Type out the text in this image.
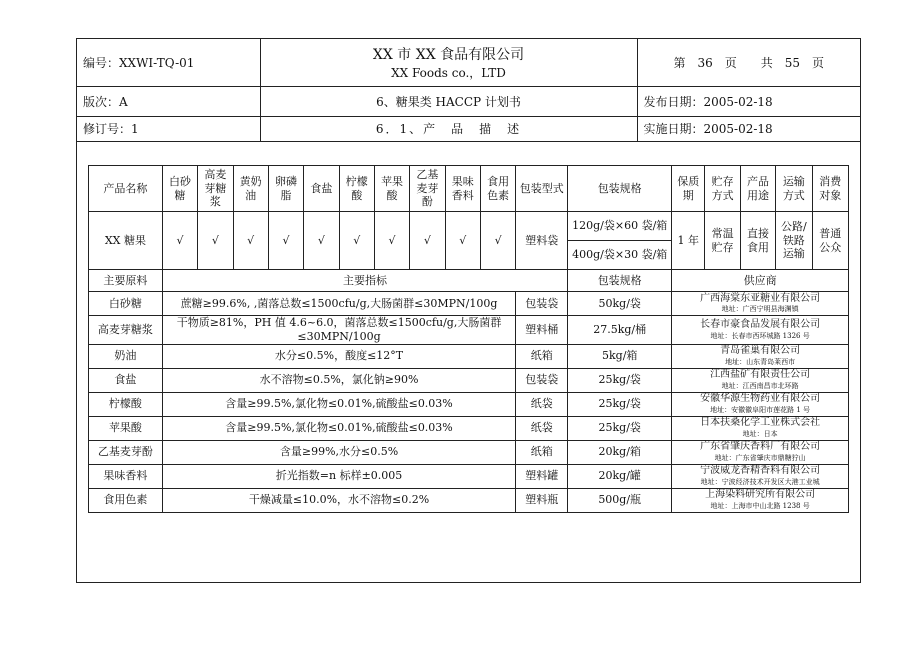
编号：XXWI-TQ-01	XX 市 XX 食品有限公司
XX Foods co.，LTD	第　36　页　　共　55　页
版次：A	6、糖果类 HACCP 计划书	发布日期：2005-02-18
修订号：1	6．1、产　品　描　述	实施日期：2005-02-18
产品名称	白砂糖	高麦芽糖浆	黄奶油	卵磷脂	食盐	柠檬酸	苹果酸	乙基麦芽酚	果味香料	食用色素	包装型式	包装规格	保质期	贮存方式	产品用途	运输方式	消费对象
XX 糖果	√	√	√	√	√	√	√	√	√	√	塑料袋	120g/袋×60 袋/箱	1 年	常温贮存	直接食用	公路/铁路运输	普通公众
												400g/袋×30 袋/箱					
主要原料	主要指标											包装规格	供应商				
白砂糖	蔗糖≥99.6%, ,菌落总数≤1500cfu/g,大肠菌群≤30MPN/100g										包装袋	50kg/袋	广西海棠东亚糖业有限公司
地址：广西宁明县海渊镇				

高麦芽糖浆	干物质≥81%，PH 值 4.6~6.0，菌落总数≤1500cfu/g,大肠菌群≤30MPN/100g										塑料桶	27.5kg/桶	长春市豪食品发展有限公司
地址：长春市西环城路 1326 号				

奶油	水分≤0.5%，酸度≤12°T										纸箱	5kg/箱	青岛雀巢有限公司
地址：山东青岛莱西市				

食盐	水不溶物≤0.5%，氯化钠≥90%										包装袋	25kg/袋	江西盐矿有限责任公司
地址：江西南昌市北环路				

柠檬酸	含量≥99.5%,氯化物≤0.01%,硫酸盐≤0.03%										纸袋	25kg/袋	安徽华源生物药业有限公司
地址：安徽徽阜阳市莲花路 1 号				

苹果酸	含量≥99.5%,氯化物≤0.01%,硫酸盐≤0.03%										纸袋	25kg/袋	日本扶桑化学工业株式会社
地址：日本				

乙基麦芽酚	含量≥99%,水分≤0.5%										纸箱	20kg/箱	广东省肇庆香料厂有限公司
地址：广东省肇庆市鼎糖狞山				

果味香料	折光指数=n 标样±0.005										塑料罐	20kg/罐	宁波威龙香精香料有限公司
地址：宁波经济技术开发区大港工业城				

食用色素	干燥减量≤10.0%，水不溶物≤0.2%										塑料瓶	500g/瓶	上海染料研究所有限公司
地址：上海市中山北路 1238 号				
